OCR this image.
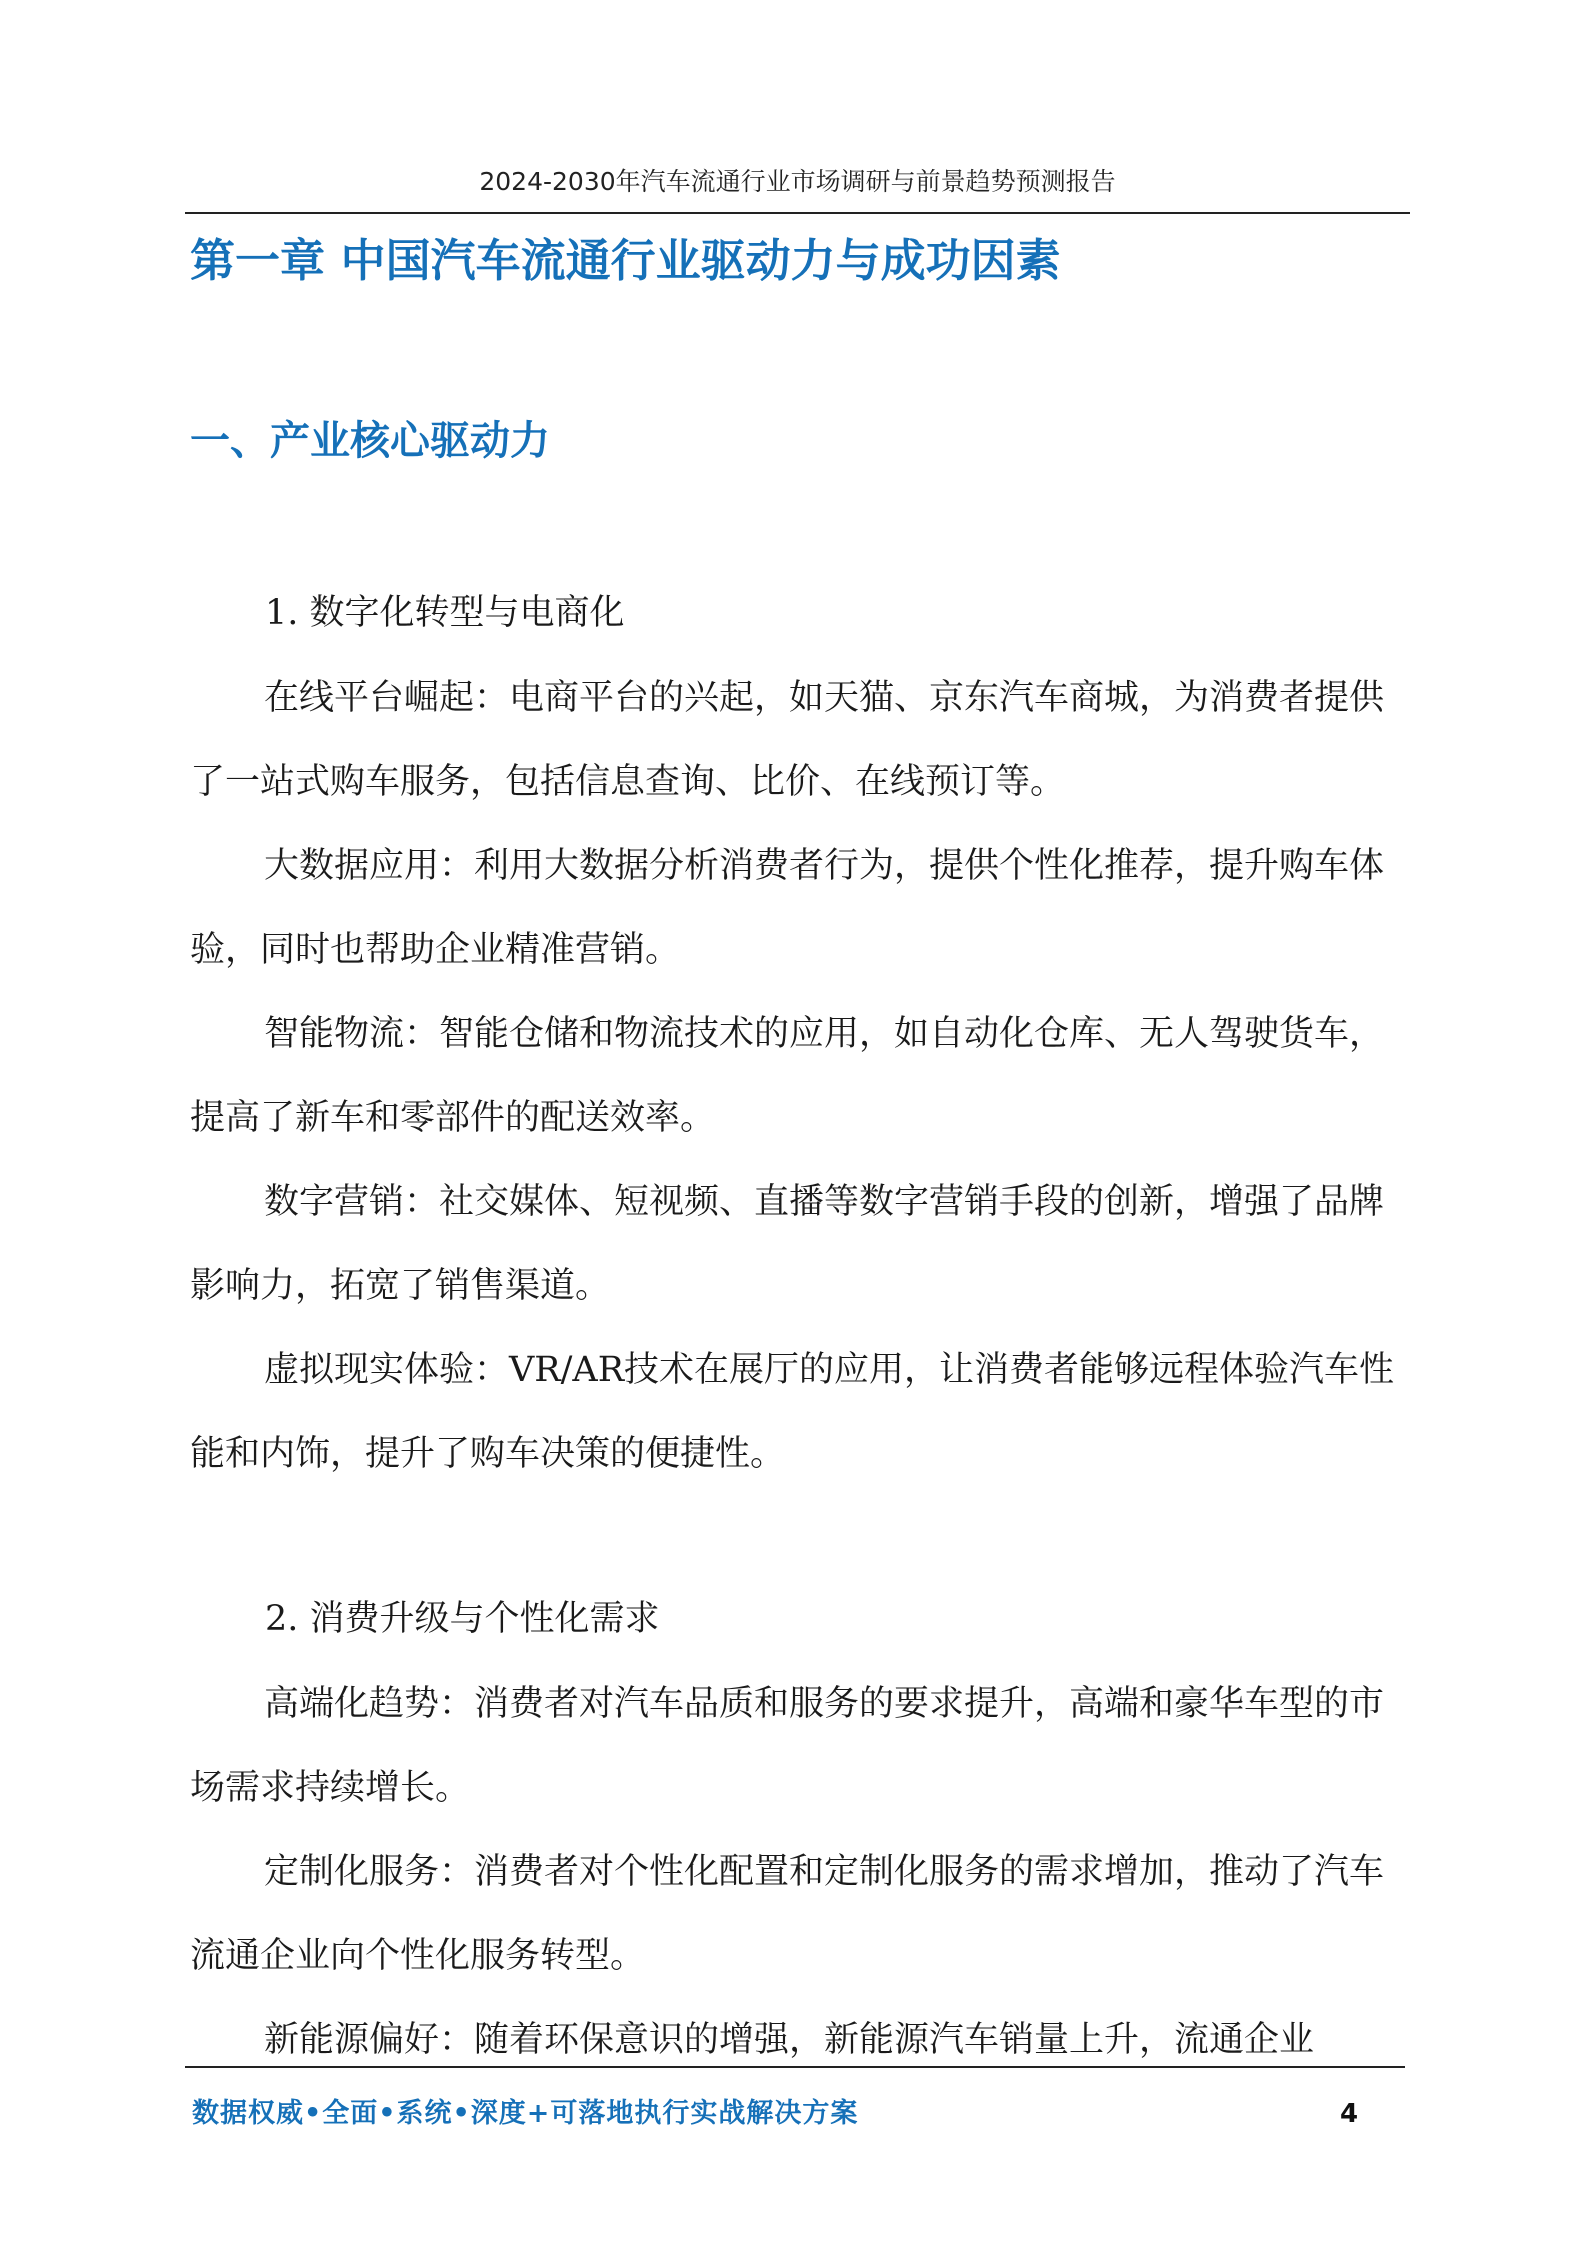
2024-2030年汽车流通行业市场调研与前景趋势预测报告
第一章 中国汽车流通行业驱动力与成功因素
一、产业核心驱动力
1. 数字化转型与电商化

在线平台崛起：电商平台的兴起，如天猫、京东汽车商城，为消费者提供了一站式购车服务，包括信息查询、比价、在线预订等。

大数据应用：利用大数据分析消费者行为，提供个性化推荐，提升购车体验，同时也帮助企业精准营销。

智能物流：智能仓储和物流技术的应用，如自动化仓库、无人驾驶货车，提高了新车和零部件的配送效率。

数字营销：社交媒体、短视频、直播等数字营销手段的创新，增强了品牌影响力，拓宽了销售渠道。

虚拟现实体验：VR/AR技术在展厅的应用，让消费者能够远程体验汽车性能和内饰，提升了购车决策的便捷性。

2. 消费升级与个性化需求

高端化趋势：消费者对汽车品质和服务的要求提升，高端和豪华车型的市场需求持续增长。

定制化服务：消费者对个性化配置和定制化服务的需求增加，推动了汽车流通企业向个性化服务转型。

新能源偏好：随着环保意识的增强，新能源汽车销量上升，流通企业

数据权威•全面•系统•深度+可落地执行实战解决方案	4
